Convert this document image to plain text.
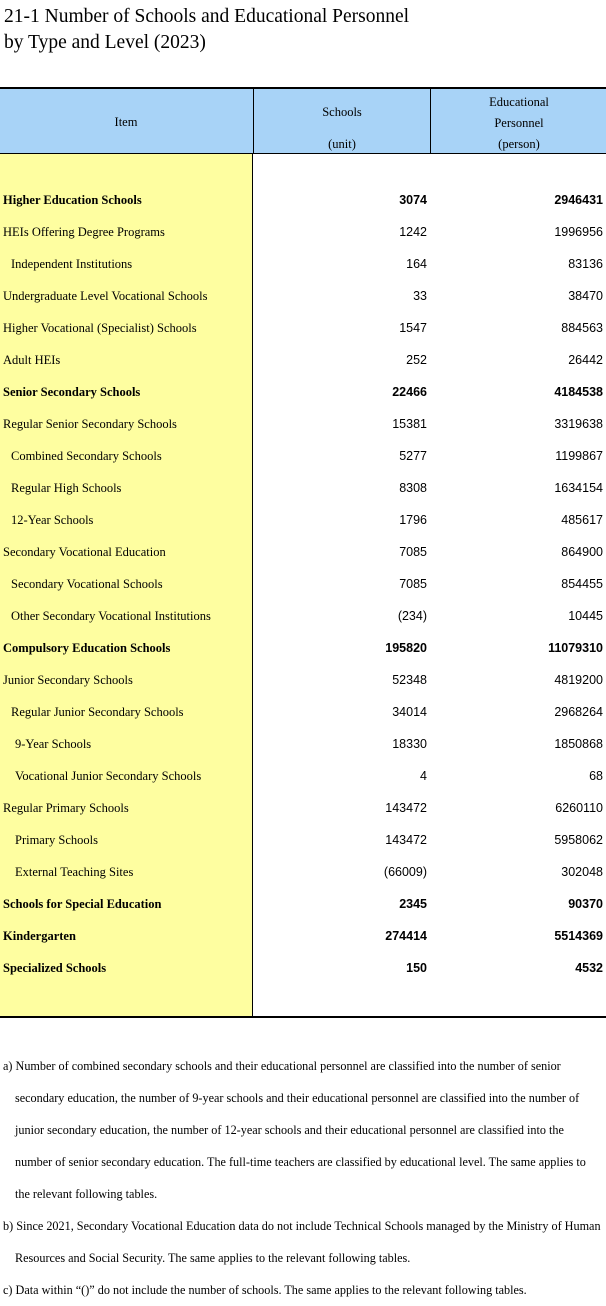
21-1 Number of Schools and Educational Personnel
by Type and Level (2023)
Item
Schools
(unit)
Educational
Personnel
(person)
Higher Education Schools	3074	2946431
HEIs Offering Degree Programs	1242	1996956
Independent Institutions	164	83136
Undergraduate Level Vocational Schools	33	38470
Higher Vocational (Specialist) Schools	1547	884563
Adult HEIs	252	26442
Senior Secondary Schools	22466	4184538
Regular Senior Secondary Schools	15381	3319638
Combined Secondary Schools	5277	1199867
Regular High Schools	8308	1634154
12-Year Schools	1796	485617
Secondary Vocational Education	7085	864900
Secondary Vocational Schools	7085	854455
Other Secondary Vocational Institutions	(234)	10445
Compulsory Education Schools	195820	11079310
Junior Secondary Schools	52348	4819200
Regular Junior Secondary Schools	34014	2968264
9-Year Schools	18330	1850868
Vocational Junior Secondary Schools	4	68
Regular Primary Schools	143472	6260110
Primary Schools	143472	5958062
External Teaching Sites	(66009)	302048
Schools for Special Education	2345	90370
Kindergarten	274414	5514369
Specialized Schools	150	4532
a) Number of combined secondary schools and their educational personnel are classified into the number of senior secondary education, the number of 9-year schools and their educational personnel are classified into the number of junior secondary education, the number of 12-year schools and their educational personnel are classified into the number of senior secondary education. The full-time teachers are classified by educational level. The same applies to the relevant following tables.
b) Since 2021, Secondary Vocational Education data do not include Technical Schools managed by the Ministry of Human Resources and Social Security. The same applies to the relevant following tables.
c) Data within “()” do not include the number of schools. The same applies to the relevant following tables.
